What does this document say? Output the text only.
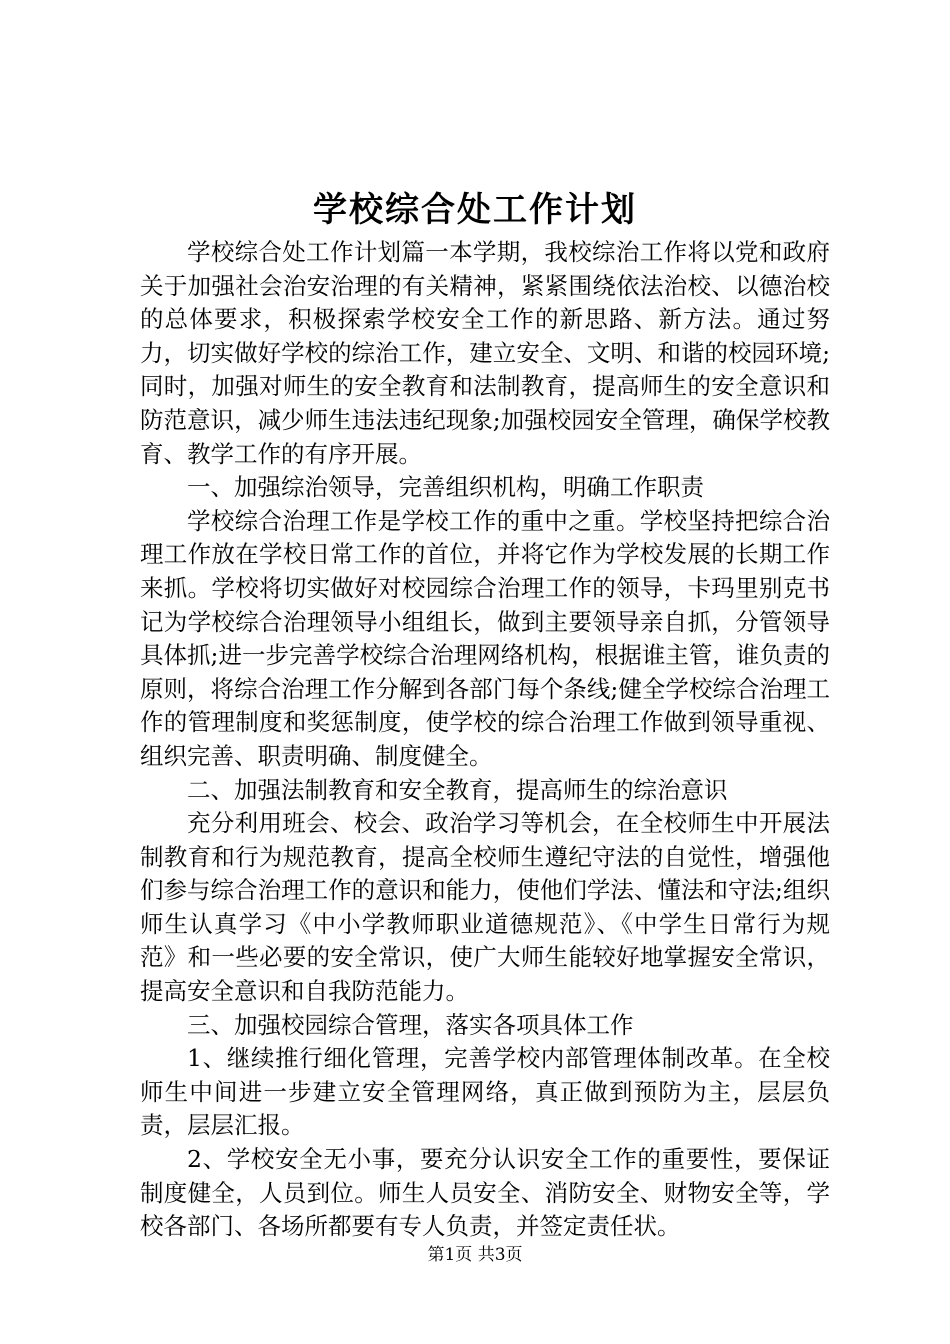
学校综合处工作计划

学校综合处工作计划篇一本学期，我校综治工作将以党和政府关于加强社会治安治理的有关精神，紧紧围绕依法治校、以德治校的总体要求，积极探索学校安全工作的新思路、新方法。通过努力，切实做好学校的综治工作，建立安全、文明、和谐的校园环境;同时，加强对师生的安全教育和法制教育，提高师生的安全意识和防范意识，减少师生违法违纪现象;加强校园安全管理，确保学校教育、教学工作的有序开展。

一、加强综治领导，完善组织机构，明确工作职责

学校综合治理工作是学校工作的重中之重。学校坚持把综合治理工作放在学校日常工作的首位，并将它作为学校发展的长期工作来抓。学校将切实做好对校园综合治理工作的领导，卡玛里别克书记为学校综合治理领导小组组长，做到主要领导亲自抓，分管领导具体抓;进一步完善学校综合治理网络机构，根据谁主管，谁负责的原则，将综合治理工作分解到各部门每个条线;健全学校综合治理工作的管理制度和奖惩制度，使学校的综合治理工作做到领导重视、组织完善、职责明确、制度健全。

二、加强法制教育和安全教育，提高师生的综治意识

充分利用班会、校会、政治学习等机会，在全校师生中开展法制教育和行为规范教育，提高全校师生遵纪守法的自觉性，增强他们参与综合治理工作的意识和能力，使他们学法、懂法和守法;组织师生认真学习《中小学教师职业道德规范》、《中学生日常行为规范》和一些必要的安全常识，使广大师生能较好地掌握安全常识，提高安全意识和自我防范能力。

三、加强校园综合管理，落实各项具体工作

1、继续推行细化管理，完善学校内部管理体制改革。在全校师生中间进一步建立安全管理网络，真正做到预防为主，层层负责，层层汇报。

2、学校安全无小事，要充分认识安全工作的重要性，要保证制度健全，人员到位。师生人员安全、消防安全、财物安全等，学校各部门、各场所都要有专人负责，并签定责任状。

第1页 共3页
